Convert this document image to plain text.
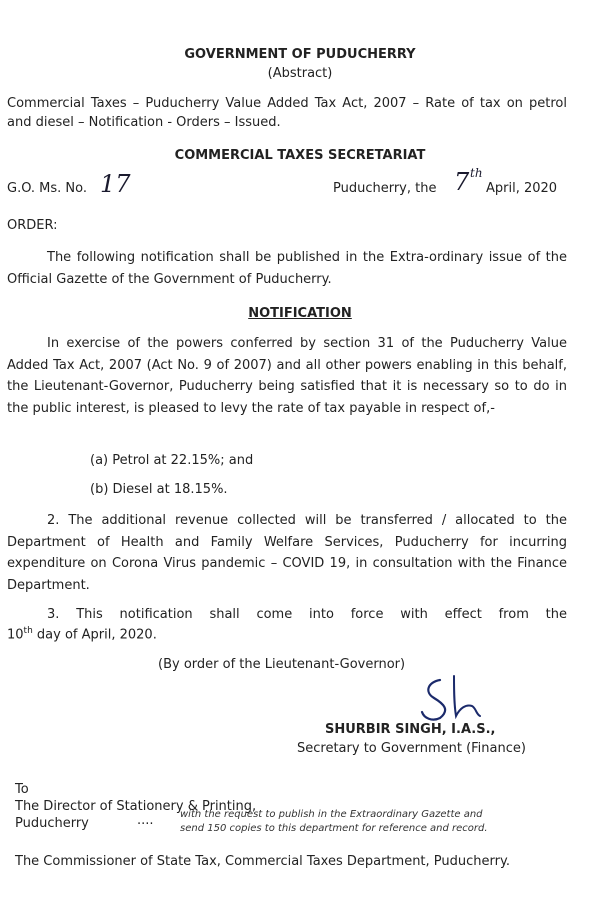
GOVERNMENT OF PUDUCHERRY
(Abstract)
Commercial Taxes – Puducherry Value Added Tax Act, 2007 – Rate of tax on petrol and diesel – Notification - Orders – Issued.
COMMERCIAL TAXES SECRETARIAT
G.O. Ms. No. 17	Puducherry, the 7 th
April, 2020
ORDER:
The following notification shall be published in the Extra-ordinary issue of the Official Gazette of the Government of Puducherry.
NOTIFICATION
In exercise of the powers conferred by section 31 of the Puducherry Value Added Tax Act, 2007 (Act No. 9 of 2007) and all other powers enabling in this behalf, the Lieutenant-Governor, Puducherry being satisfied that it is necessary so to do in the public interest, is pleased to levy the rate of tax payable in respect of,-
(a) Petrol at 22.15%; and
(b) Diesel at 18.15%.
2. The additional revenue collected will be transferred / allocated to the Department of Health and Family Welfare Services, Puducherry for incurring expenditure on Corona Virus pandemic – COVID 19, in consultation with the Finance Department.
3. This notification shall come into force with effect from the
10th day of April, 2020.
(By order of the Lieutenant-Governor)
SHURBIR SINGH, I.A.S.,
Secretary to Government (Finance)
To
The Director of Stationery & Printing,
Puducherry	....	with the request to publish in the Extraordinary Gazette and
send 150 copies to this department for reference and record.
The Commissioner of State Tax, Commercial Taxes Department, Puducherry.
